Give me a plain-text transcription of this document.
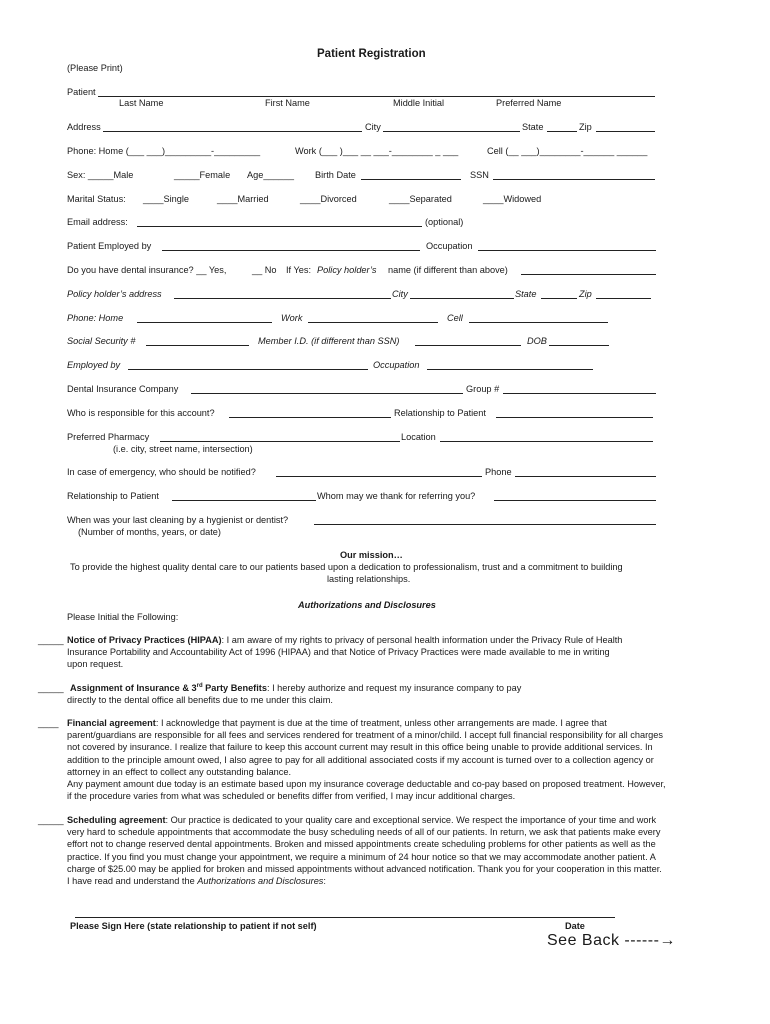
Patient Registration
(Please Print)
Patient
Last Name	First Name	Middle Initial	Preferred Name
Address	City	State	Zip
Phone: Home (___ ___)_________-_________	Work (___ )___ __ ___-________ _ ___	Cell (__ ___)________-______ ______
Sex: _____Male	_____Female Age______ Birth Date	SSN
Marital Status: ____Single	____Married	____Divorced	____Separated	____Widowed
Email address:	(optional)
Patient Employed by	Occupation
Do you have dental insurance? __ Yes,	__ No If Yes: Policy holder’s name (if different than above)
Policy holder’s address	City	State	Zip
Phone: Home	Work	Cell
Social Security #	Member I.D. (if different than SSN)	DOB
Employed by	Occupation
Dental Insurance Company	Group #
Who is responsible for this account?	Relationship to Patient
Preferred Pharmacy	Location
(i.e. city, street name, intersection)
In case of emergency, who should be notified?	Phone
Relationship to Patient	Whom may we thank for referring you?
When was your last cleaning by a hygienist or dentist?
(Number of months, years, or date)
Our mission…
To provide the highest quality dental care to our patients based upon a dedication to professionalism, trust and a commitment to building
lasting relationships.
Authorizations and Disclosures
Please Initial the Following:
_____ Notice of Privacy Practices (HIPAA): I am aware of my rights to privacy of personal health information under the Privacy Rule of Health
Insurance Portability and Accountability Act of 1996 (HIPAA) and that Notice of Privacy Practices were made available to me in writing
upon request.
_____ Assignment of Insurance & 3rd Party Benefits: I hereby authorize and request my insurance company to pay
directly to the dental office all benefits due to me under this claim.
____ Financial agreement: I acknowledge that payment is due at the time of treatment, unless other arrangements are made. I agree that parent/guardians are responsible for all fees and services rendered for treatment of a minor/child. I accept full financial responsibility for all charges not covered by insurance. I realize that failure to keep this account current may result in this office being unable to provide additional services. In addition to the principle amount owed, I also agree to pay for all additional associated costs if my account is turned over to a collection agency or attorney in an effect to collect any outstanding balance.
Any payment amount due today is an estimate based upon my insurance coverage deductable and co-pay based on proposed treatment. However, if the procedure varies from what was scheduled or benefits differ from verified, I may incur additional charges.
_____ Scheduling agreement: Our practice is dedicated to your quality care and exceptional service. We respect the importance of your time and work very hard to schedule appointments that accommodate the busy scheduling needs of all of our patients. In return, we ask that patients make every effort not to change reserved dental appointments. Broken and missed appointments create scheduling problems for other patients as well as the practice. If you find you must change your appointment, we require a minimum of 24 hour notice so that we may accommodate another patient. A charge of $25.00 may be applied for broken and missed appointments without advanced notification. Thank you for your cooperation in this matter.
I have read and understand the Authorizations and Disclosures:
Please Sign Here (state relationship to patient if not self)	Date
See Back ------→
